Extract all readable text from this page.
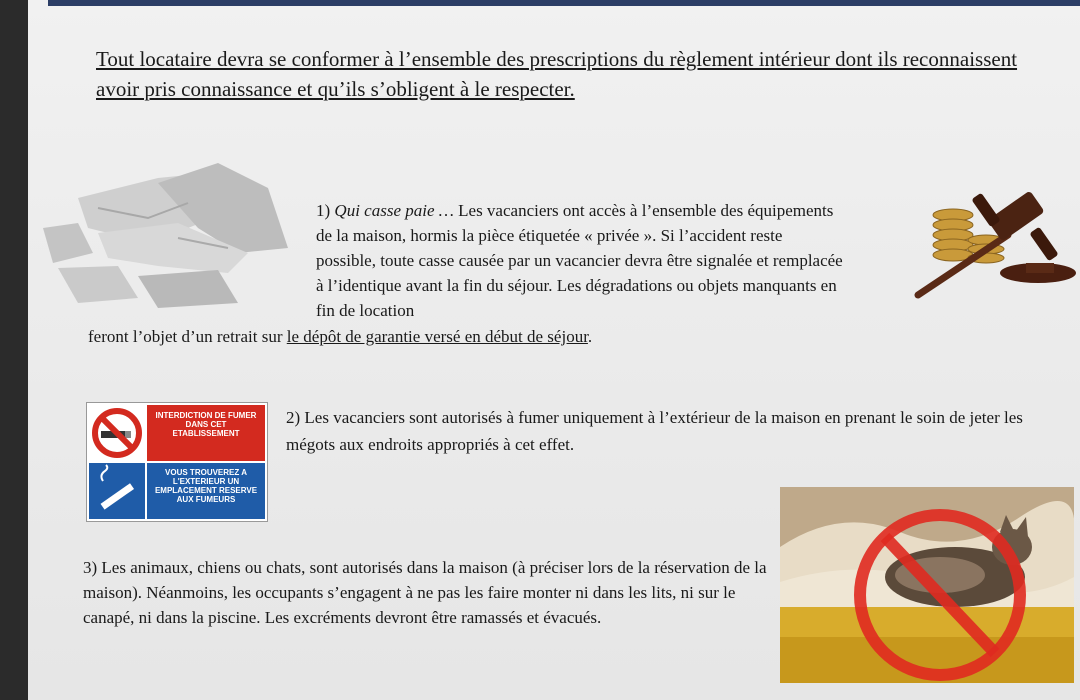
Tout locataire devra se conformer à l’ensemble des prescriptions du règlement intérieur dont ils reconnaissent avoir pris connaissance et qu’ils s’obligent à le respecter.

1) Qui casse paie … Les vacanciers ont accès à l’ensemble des équipements de la maison, hormis la pièce étiquetée « privée ». Si l’accident reste possible, toute casse causée par un vacancier devra être signalée et remplacée à l’identique avant la fin du séjour. Les dégradations ou objets manquants en fin de location

feront l’objet d’un retrait sur le dépôt de garantie versé en début de séjour.

INTERDICTION DE FUMER DANS CET ETABLISSEMENT
VOUS TROUVEREZ A L'EXTERIEUR UN EMPLACEMENT RESERVE AUX FUMEURS

2) Les vacanciers sont autorisés à fumer uniquement à l’extérieur de la maison en prenant le soin de jeter les mégots aux endroits appropriés à cet effet.

3) Les animaux, chiens ou chats, sont autorisés dans la maison (à préciser lors de la réservation de la maison). Néanmoins, les occupants s’engagent à ne pas les faire monter ni dans les lits, ni sur le canapé, ni dans la piscine. Les excréments devront être ramassés et évacués.
